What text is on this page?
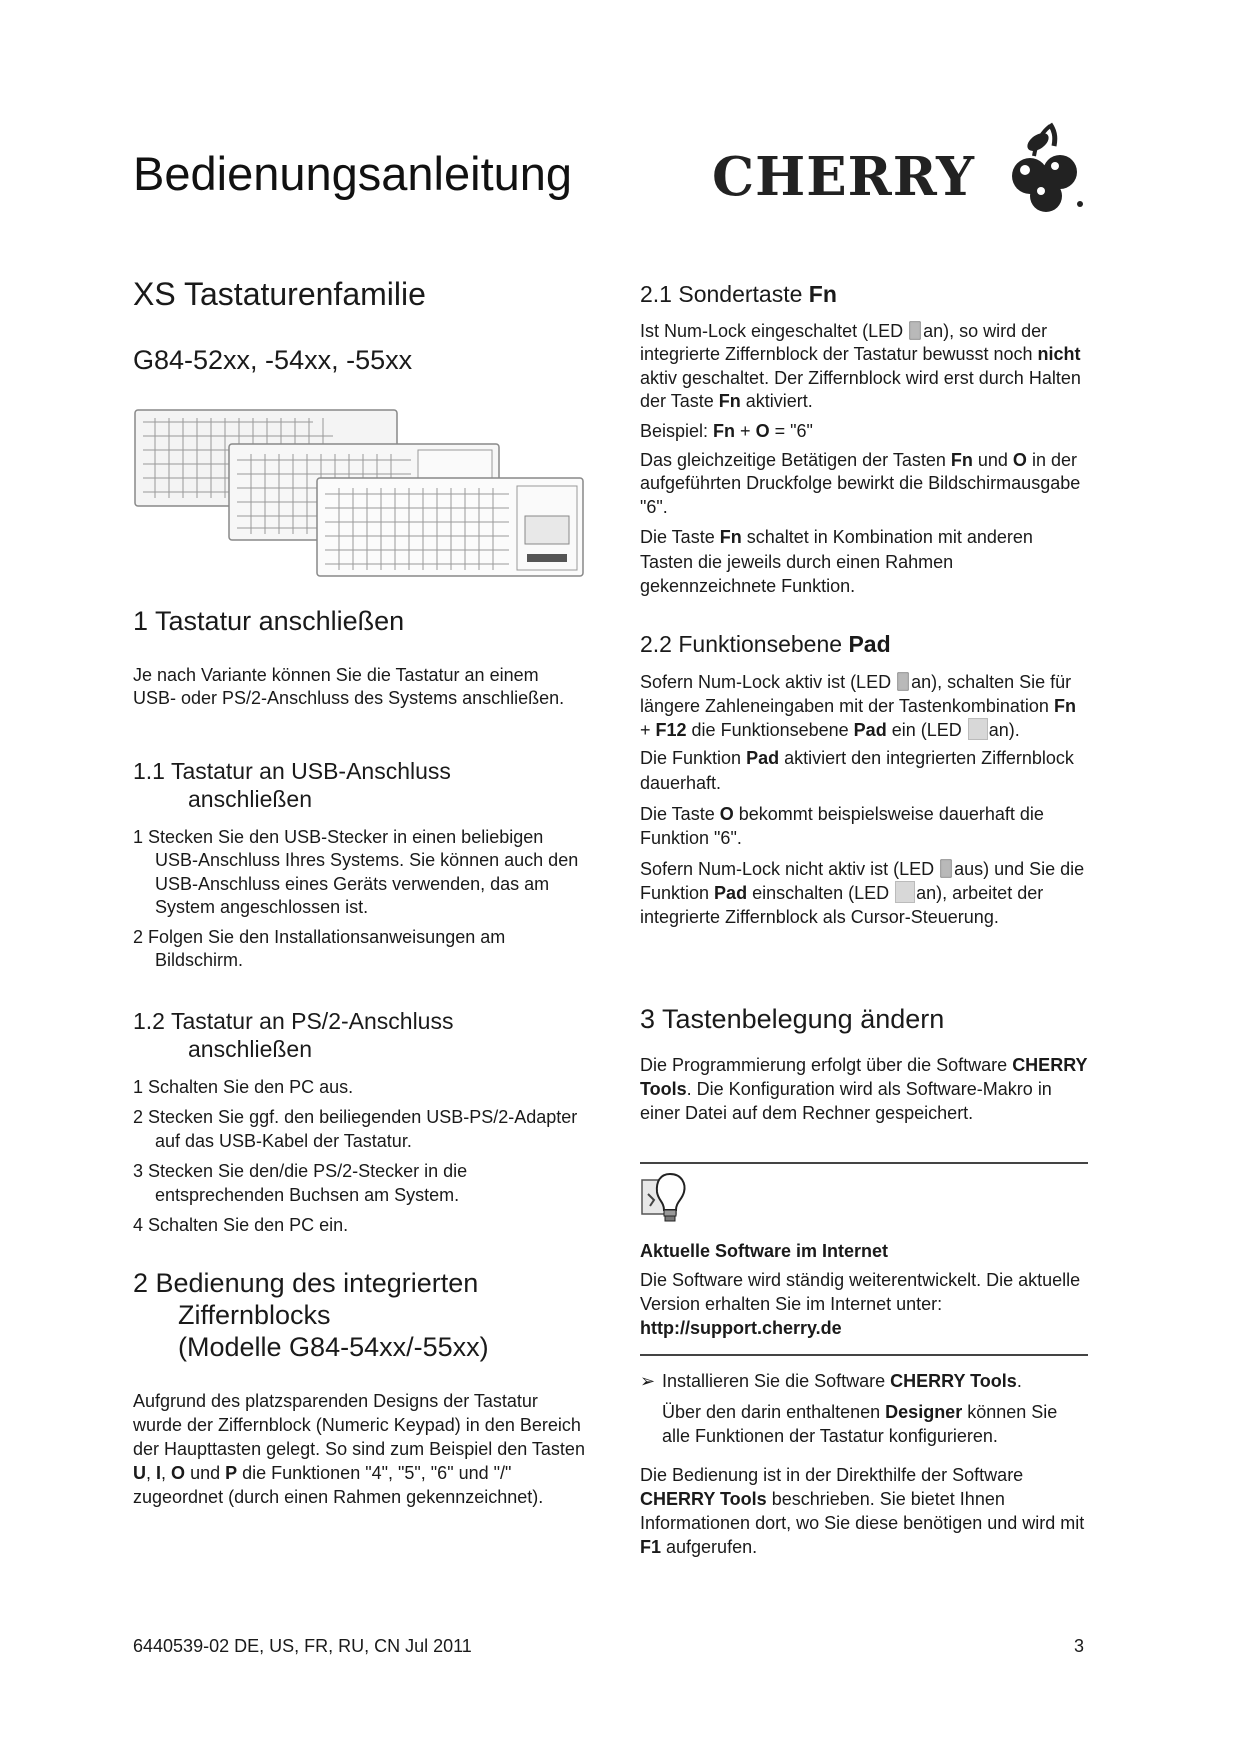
Bedienungsanleitung	CHERRY
XS Tastaturenfamilie
G84-52xx, -54xx, -55xx
1 Tastatur anschließen

Je nach Variante können Sie die Tastatur an einem USB- oder PS/2-Anschluss des Systems anschließen.

1.1 Tastatur an USB-Anschluss
anschließen
1 Stecken Sie den USB-Stecker in einen beliebigen USB-Anschluss Ihres Systems. Sie können auch den USB-Anschluss eines Geräts verwenden, das am System angeschlossen ist.
2 Folgen Sie den Installationsanweisungen am Bildschirm.
1.2 Tastatur an PS/2-Anschluss
anschließen
1 Schalten Sie den PC aus.
2 Stecken Sie ggf. den beiliegenden USB-PS/2-Adapter auf das USB-Kabel der Tastatur.
3 Stecken Sie den/die PS/2-Stecker in die entsprechenden Buchsen am System.
4 Schalten Sie den PC ein.
2 Bedienung des integrierten
Ziffernblocks
(Modelle G84-54xx/-55xx)

Aufgrund des platzsparenden Designs der Tastatur wurde der Ziffernblock (Numeric Keypad) in den Bereich der Haupttasten gelegt. So sind zum Beispiel den Tasten U, I, O und P die Funktionen "4", "5", "6" und "/" zugeordnet (durch einen Rahmen gekennzeichnet).

2.1 Sondertaste Fn

Ist Num-Lock eingeschaltet (LED an), so wird der integrierte Ziffernblock der Tastatur bewusst noch nicht aktiv geschaltet. Der Ziffernblock wird erst durch Halten der Taste Fn aktiviert.

Beispiel: Fn + O = "6"

Das gleichzeitige Betätigen der Tasten Fn und O in der aufgeführten Druckfolge bewirkt die Bildschirmausgabe "6".

Die Taste Fn schaltet in Kombination mit anderen Tasten die jeweils durch einen Rahmen gekennzeichnete Funktion.

2.2 Funktionsebene Pad

Sofern Num-Lock aktiv ist (LED an), schalten Sie für längere Zahleneingaben mit der Tastenkombination Fn + F12 die Funktionsebene Pad ein (LED an).

Die Funktion Pad aktiviert den integrierten Ziffernblock dauerhaft.

Die Taste O bekommt beispielsweise dauerhaft die Funktion "6".

Sofern Num-Lock nicht aktiv ist (LED aus) und Sie die Funktion Pad einschalten (LED an), arbeitet der integrierte Ziffernblock als Cursor-Steuerung.

3 Tastenbelegung ändern

Die Programmierung erfolgt über die Software CHERRY Tools. Die Konfiguration wird als Software-Makro in einer Datei auf dem Rechner gespeichert.

Aktuelle Software im Internet

Die Software wird ständig weiterentwickelt. Die aktuelle Version erhalten Sie im Internet unter:

http://support.cherry.de

➢ Installieren Sie die Software CHERRY Tools.

Über den darin enthaltenen Designer können Sie alle Funktionen der Tastatur konfigurieren.

Die Bedienung ist in der Direkthilfe der Software CHERRY Tools beschrieben. Sie bietet Ihnen Informationen dort, wo Sie diese benötigen und wird mit F1 aufgerufen.

6440539-02 DE, US, FR, RU, CN Jul 2011	3
